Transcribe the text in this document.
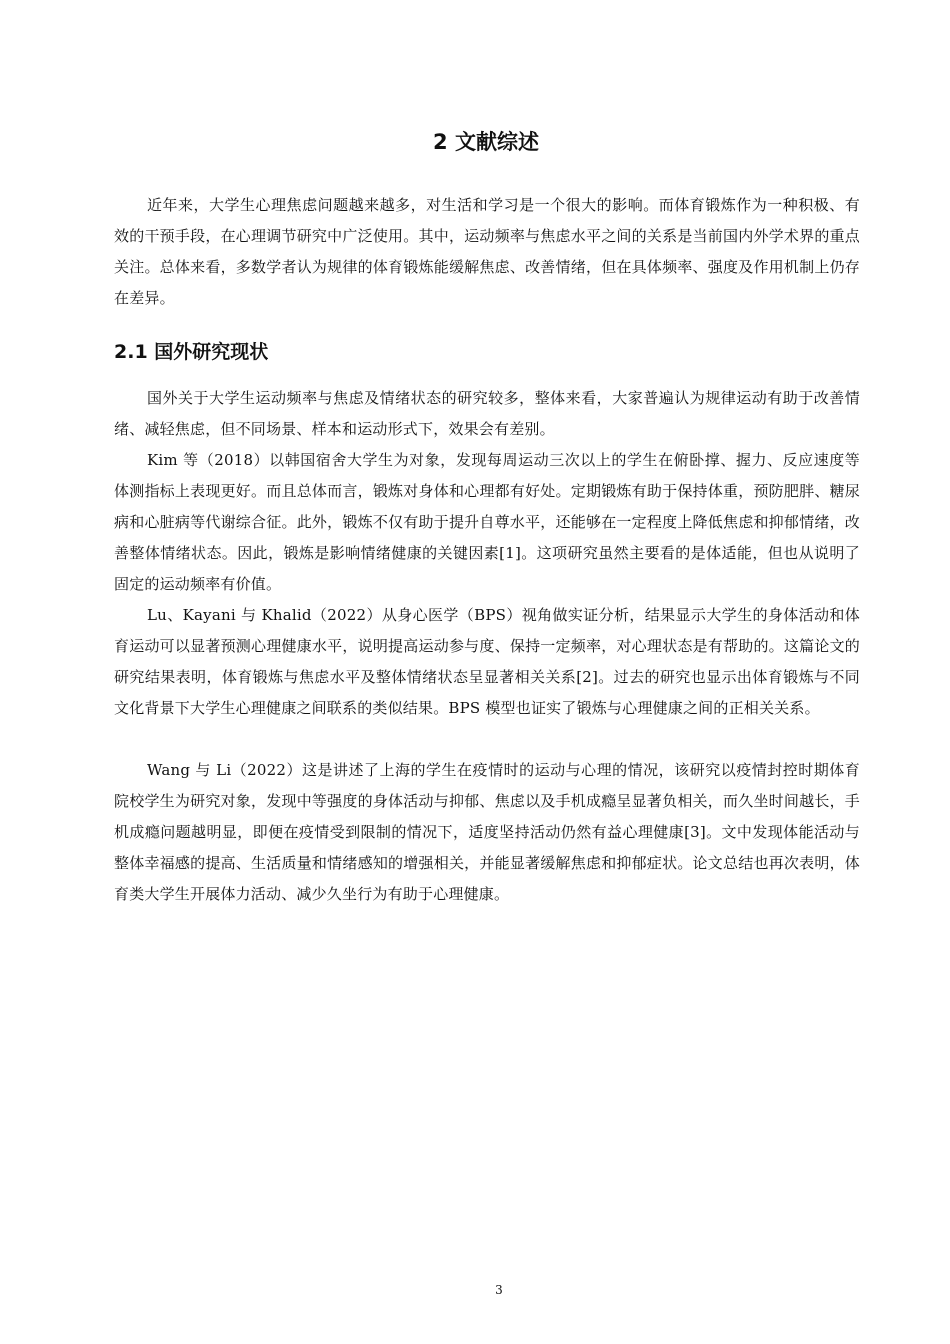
2 文献综述

近年来，大学生心理焦虑问题越来越多，对生活和学习是一个很大的影响。而体育锻炼作为一种积极、有效的干预手段，在心理调节研究中广泛使用。其中，运动频率与焦虑水平之间的关系是当前国内外学术界的重点关注。总体来看，多数学者认为规律的体育锻炼能缓解焦虑、改善情绪，但在具体频率、强度及作用机制上仍存在差异。

2.1 国外研究现状

国外关于大学生运动频率与焦虑及情绪状态的研究较多，整体来看，大家普遍认为规律运动有助于改善情绪、减轻焦虑，但不同场景、样本和运动形式下，效果会有差别。

Kim 等（2018）以韩国宿舍大学生为对象，发现每周运动三次以上的学生在俯卧撑、握力、反应速度等体测指标上表现更好。而且总体而言，锻炼对身体和心理都有好处。定期锻炼有助于保持体重，预防肥胖、糖尿病和心脏病等代谢综合征。此外，锻炼不仅有助于提升自尊水平，还能够在一定程度上降低焦虑和抑郁情绪，改善整体情绪状态。因此，锻炼是影响情绪健康的关键因素[1]。这项研究虽然主要看的是体适能，但也从说明了固定的运动频率有价值。

Lu、Kayani 与 Khalid（2022）从身心医学（BPS）视角做实证分析，结果显示大学生的身体活动和体育运动可以显著预测心理健康水平，说明提高运动参与度、保持一定频率，对心理状态是有帮助的。这篇论文的研究结果表明，体育锻炼与焦虑水平及整体情绪状态呈显著相关关系[2]。过去的研究也显示出体育锻炼与不同文化背景下大学生心理健康之间联系的类似结果。BPS 模型也证实了锻炼与心理健康之间的正相关关系。

Wang 与 Li（2022）这是讲述了上海的学生在疫情时的运动与心理的情况，该研究以疫情封控时期体育院校学生为研究对象，发现中等强度的身体活动与抑郁、焦虑以及手机成瘾呈显著负相关，而久坐时间越长，手机成瘾问题越明显，即便在疫情受到限制的情况下，适度坚持活动仍然有益心理健康[3]。文中发现体能活动与整体幸福感的提高、生活质量和情绪感知的增强相关，并能显著缓解焦虑和抑郁症状。论文总结也再次表明，体育类大学生开展体力活动、减少久坐行为有助于心理健康。

3
